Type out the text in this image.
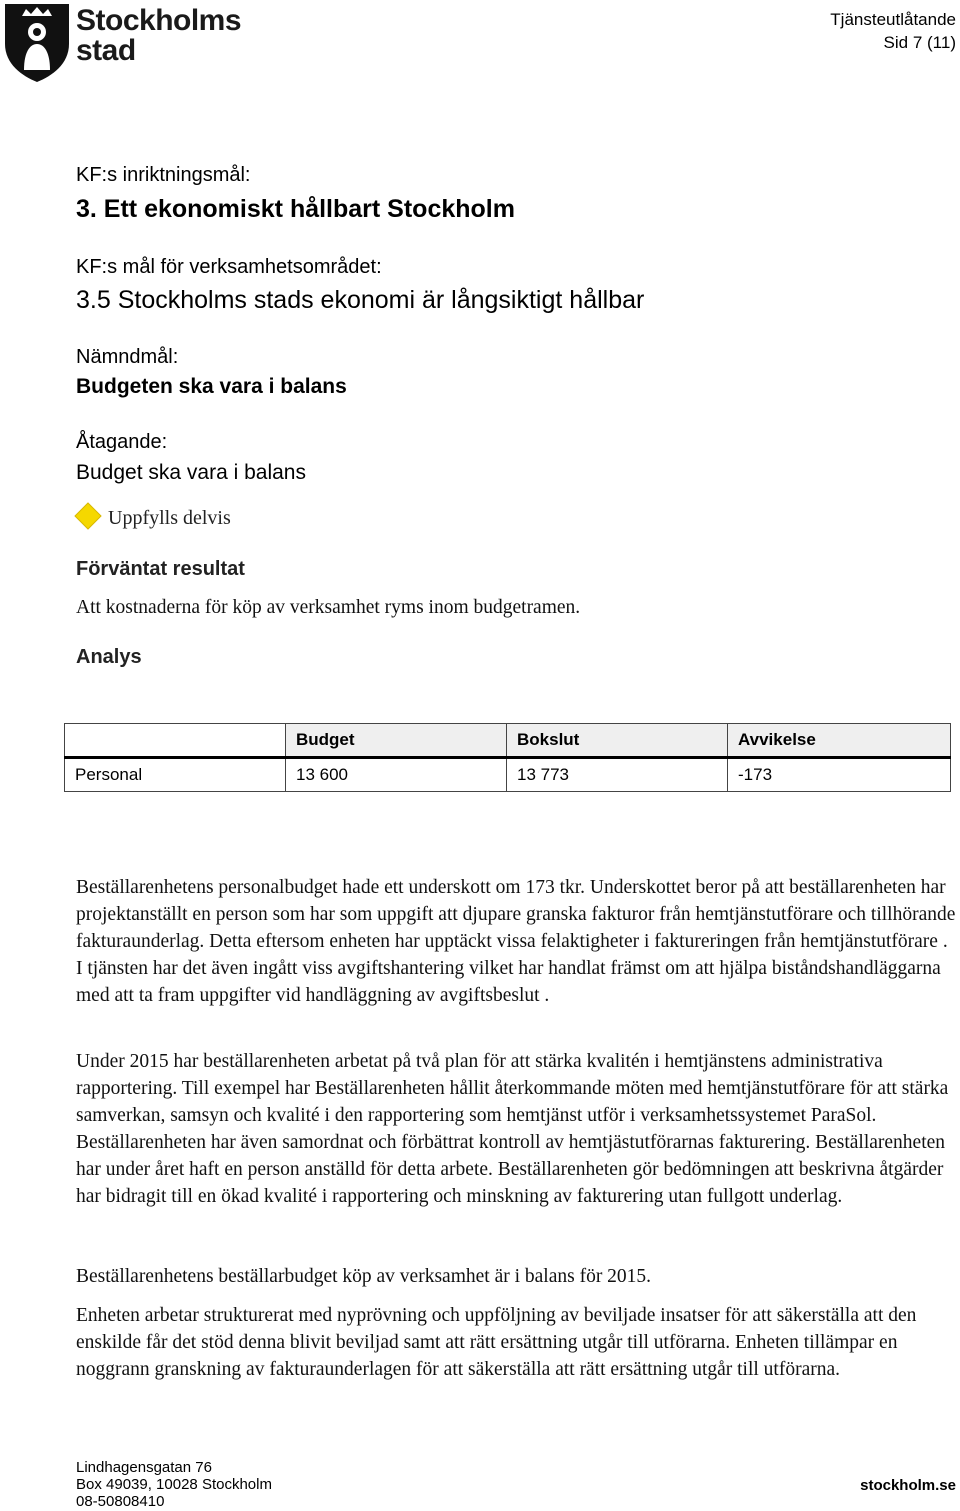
Stockholms
stad
Tjänsteutlåtande
Sid 7 (11)
KF:s inriktningsmål:
3. Ett ekonomiskt hållbart Stockholm
KF:s mål för verksamhetsområdet:
3.5 Stockholms stads ekonomi är långsiktigt hållbar
Nämndmål:
Budgeten ska vara i balans
Åtagande:
Budget ska vara i balans
Uppfylls delvis
Förväntat resultat
Att kostnaderna för köp av verksamhet ryms inom budgetramen.
Analys
	Budget	Bokslut	Avvikelse
Personal	13 600	13 773	-173
Beställarenhetens personalbudget hade ett underskott om 173 tkr. Underskottet beror på att beställarenheten har projektanställt en person som har som uppgift att djupare granska fakturor från hemtjänstutförare och tillhörande fakturaunderlag. Detta eftersom enheten har upptäckt vissa felaktigheter i faktureringen från hemtjänstutförare . I tjänsten har det även ingått viss avgiftshantering vilket har handlat främst om att hjälpa biståndshandläggarna med att ta fram uppgifter vid handläggning av avgiftsbeslut .
Under 2015 har beställarenheten arbetat på två plan för att stärka kvalitén i hemtjänstens administrativa rapportering. Till exempel har Beställarenheten hållit återkommande möten med hemtjänstutförare för att stärka samverkan, samsyn och kvalité i den rapportering som hemtjänst utför i verksamhetssystemet ParaSol. Beställarenheten har även samordnat och förbättrat kontroll av hemtjästutförarnas fakturering. Beställarenheten har under året haft en person anställd för detta arbete. Beställarenheten gör bedömningen att beskrivna åtgärder har bidragit till en ökad kvalité i rapportering och minskning av fakturering utan fullgott underlag.
Beställarenhetens beställarbudget köp av verksamhet är i balans för 2015.
Enheten arbetar strukturerat med nyprövning och uppföljning av beviljade insatser för att säkerställa att den enskilde får det stöd denna blivit beviljad samt att rätt ersättning utgår till utförarna. Enheten tillämpar en noggrann granskning av fakturaunderlagen för att säkerställa att rätt ersättning utgår till utförarna.
Lindhagensgatan 76
Box 49039, 10028 Stockholm
08-50808410
stockholm.se
